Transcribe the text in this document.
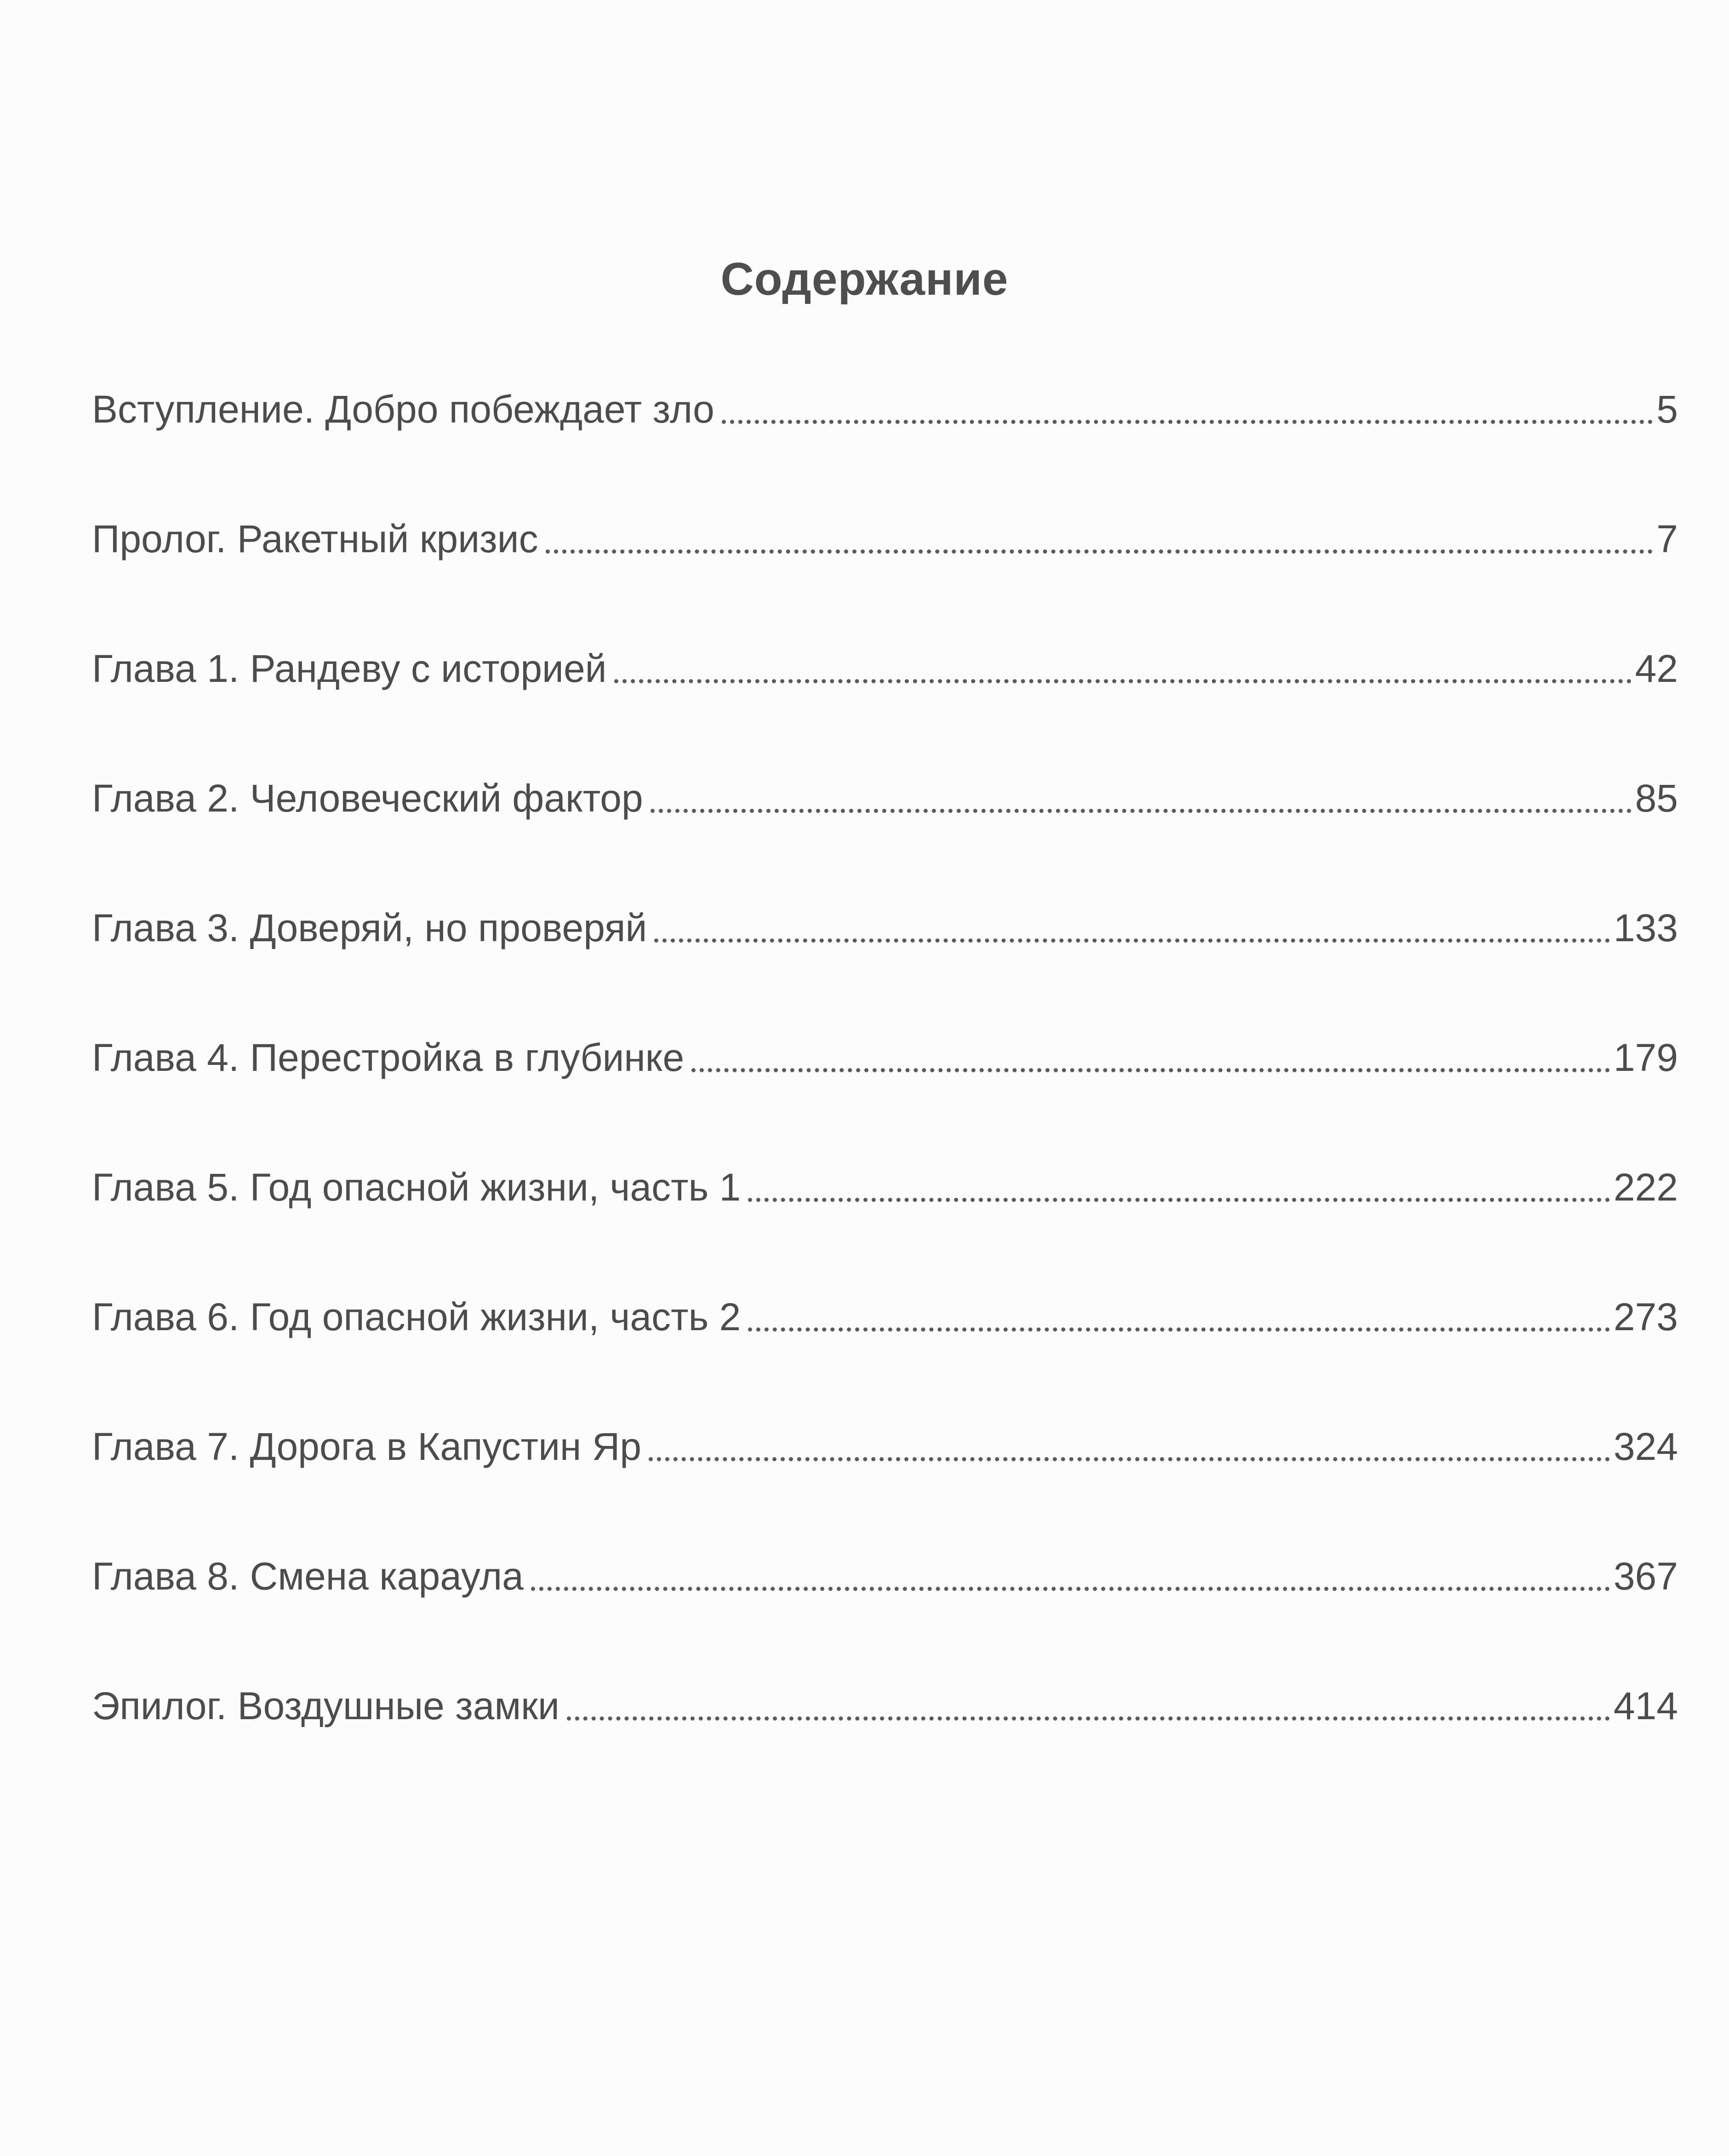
Содержание
Вступление. Добро побеждает зло	5
Пролог. Ракетный кризис	7
Глава 1. Рандеву с историей	42
Глава 2. Человеческий фактор	85
Глава 3. Доверяй, но проверяй	133
Глава 4. Перестройка в глубинке	179
Глава 5. Год опасной жизни, часть 1	222
Глава 6. Год опасной жизни, часть 2	273
Глава 7. Дорога в Капустин Яр	324
Глава 8. Смена караула	367
Эпилог. Воздушные замки	414
